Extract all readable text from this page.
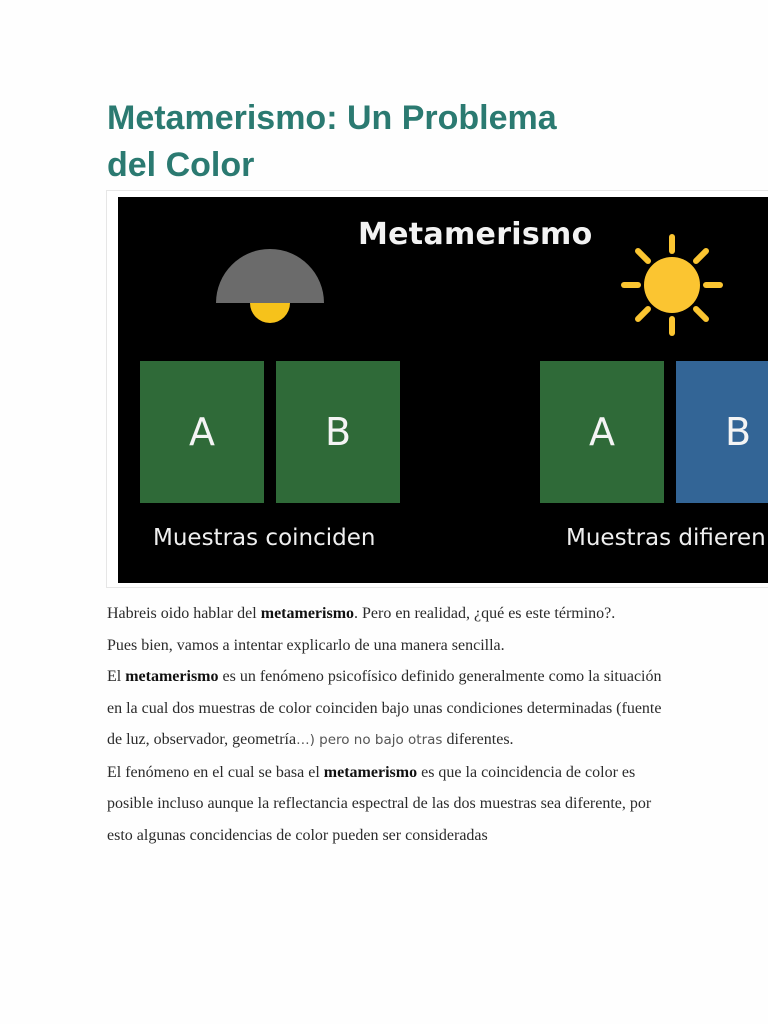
Metamerismo: Un Problema
del Color
Metamerismo
A	B
Muestras coinciden
A	B
Muestras difieren

Habreis oido hablar del metamerismo. Pero en realidad, ¿qué es este término?.

Pues bien, vamos a intentar explicarlo de una manera sencilla.

El metamerismo es un fenómeno psicofísico definido generalmente como la situación en la cual dos muestras de color coinciden bajo unas condiciones determinadas (fuente de luz, observador, geometría…) pero no bajo otras diferentes.

El fenómeno en el cual se basa el metamerismo es que la coincidencia de color es posible incluso aunque la reflectancia espectral de las dos muestras sea diferente, por esto algunas concidencias de color pueden ser consideradas
